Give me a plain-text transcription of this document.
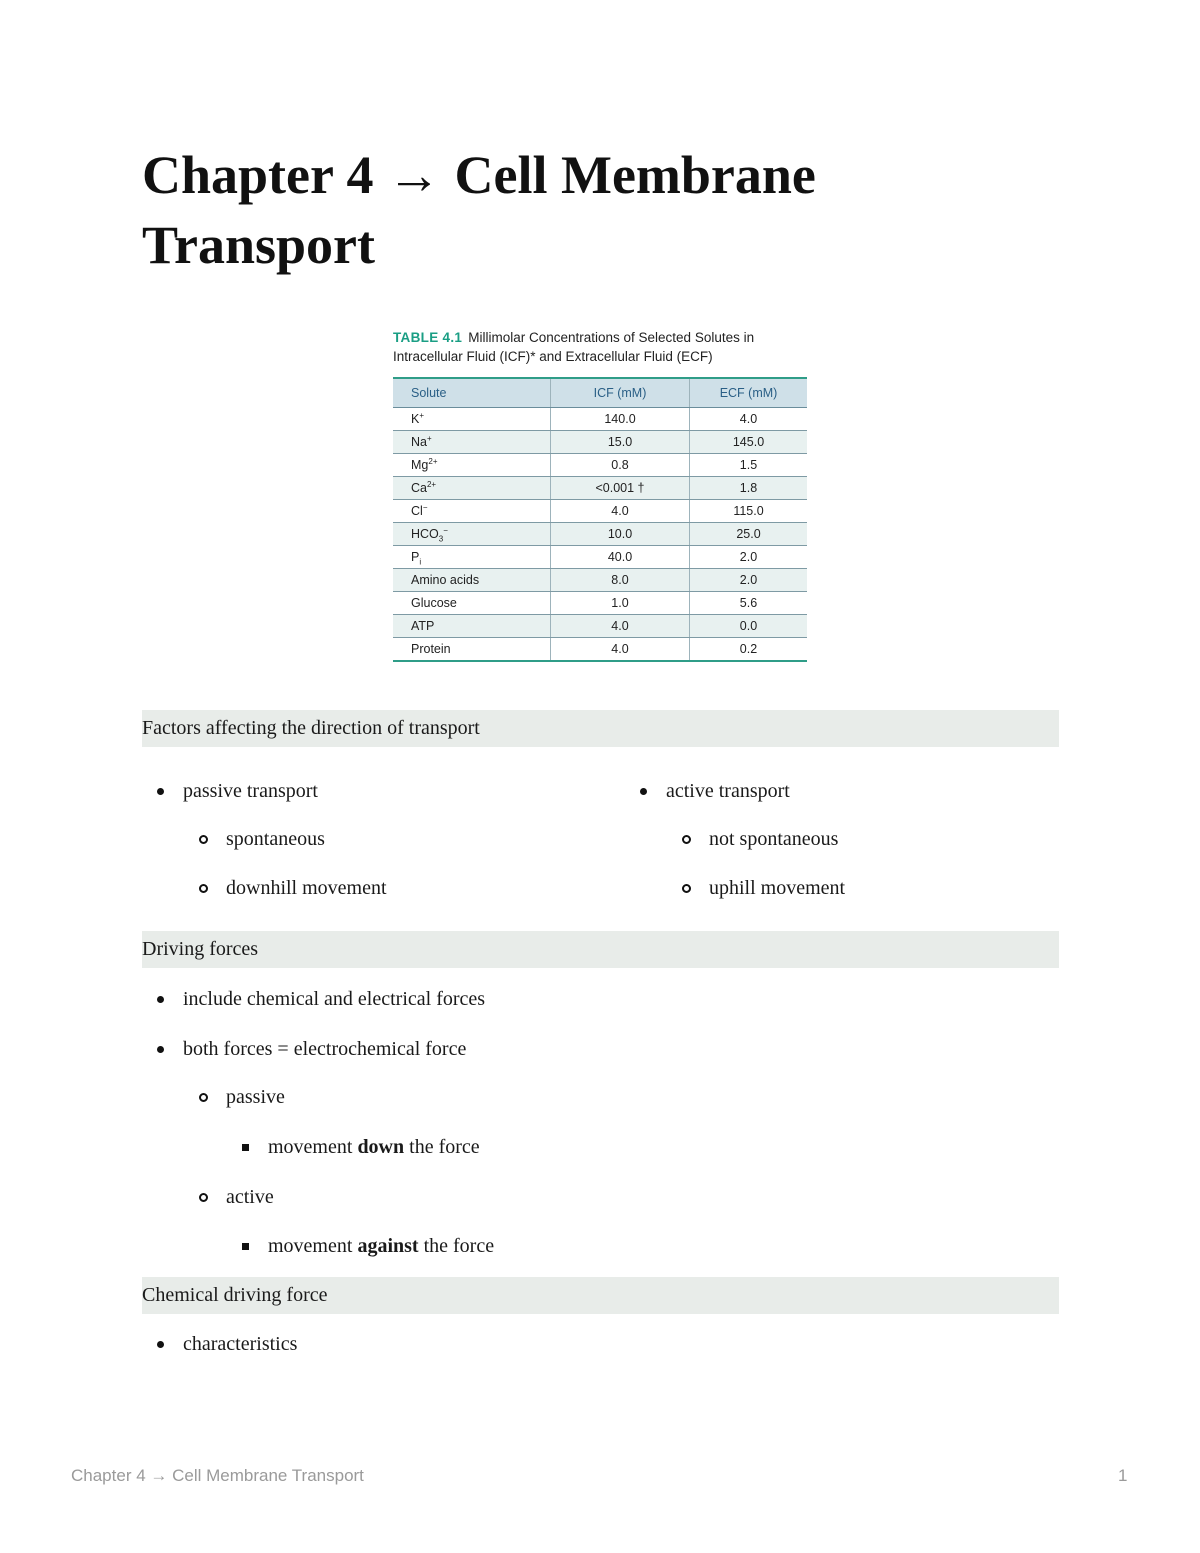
Chapter 4 → Cell Membrane Transport
TABLE 4.1 Millimolar Concentrations of Selected Solutes in Intracellular Fluid (ICF)* and Extracellular Fluid (ECF)
Solute	ICF (mM)	ECF (mM)
K+	140.0	4.0
Na+	15.0	145.0
$Mg^{2+}$	0.8	1.5
$Ca^{2+}$	<0.001 †	1.8
Cl−	4.0	115.0
$HCO_3^-$	10.0	25.0
$P_i$	40.0	2.0
Amino acids	8.0	2.0
Glucose	1.0	5.6
ATP	4.0	0.0
Protein	4.0	0.2
Factors affecting the direction of transport
passive transport
spontaneous
downhill movement
active transport
not spontaneous
uphill movement
Driving forces
include chemical and electrical forces
both forces = electrochemical force
passive
movement down the force
active
movement against the force
Chemical driving force
characteristics
Chapter 4 → Cell Membrane Transport	1
